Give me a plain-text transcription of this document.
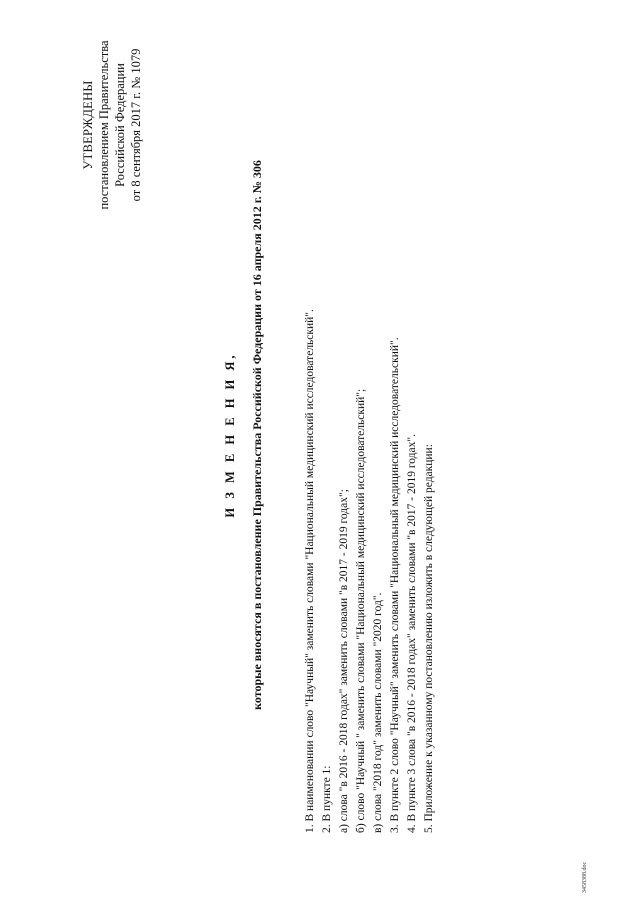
УТВЕРЖДЕНЫ постановлением Правительства Российской Федерации от 8 сентября 2017 г. № 1079
И З М Е Н Е Н И Я, которые вносятся в постановление Правительства Российской Федерации от 16 апреля 2012 г. № 306	1. В наименовании слово "Научный" заменить словами "Национальный медицинский исследовательский". 2. В пункте 1: а) слова "в 2016 - 2018 годах" заменить словами "в 2017 - 2019 годах"; б) слово "Научный " заменить словами "Национальный медицинский исследовательский"; в) слова "2018 год" заменить словами "2020 год". 3. В пункте 2 слово "Научный" заменить словами "Национальный медицинский исследовательский". 4. В пункте 3 слова "в 2016 - 2018 годах" заменить словами "в 2017 - 2019 годах". 5. Приложение к указанному постановлению изложить в следующей редакции:
3458388.doc
